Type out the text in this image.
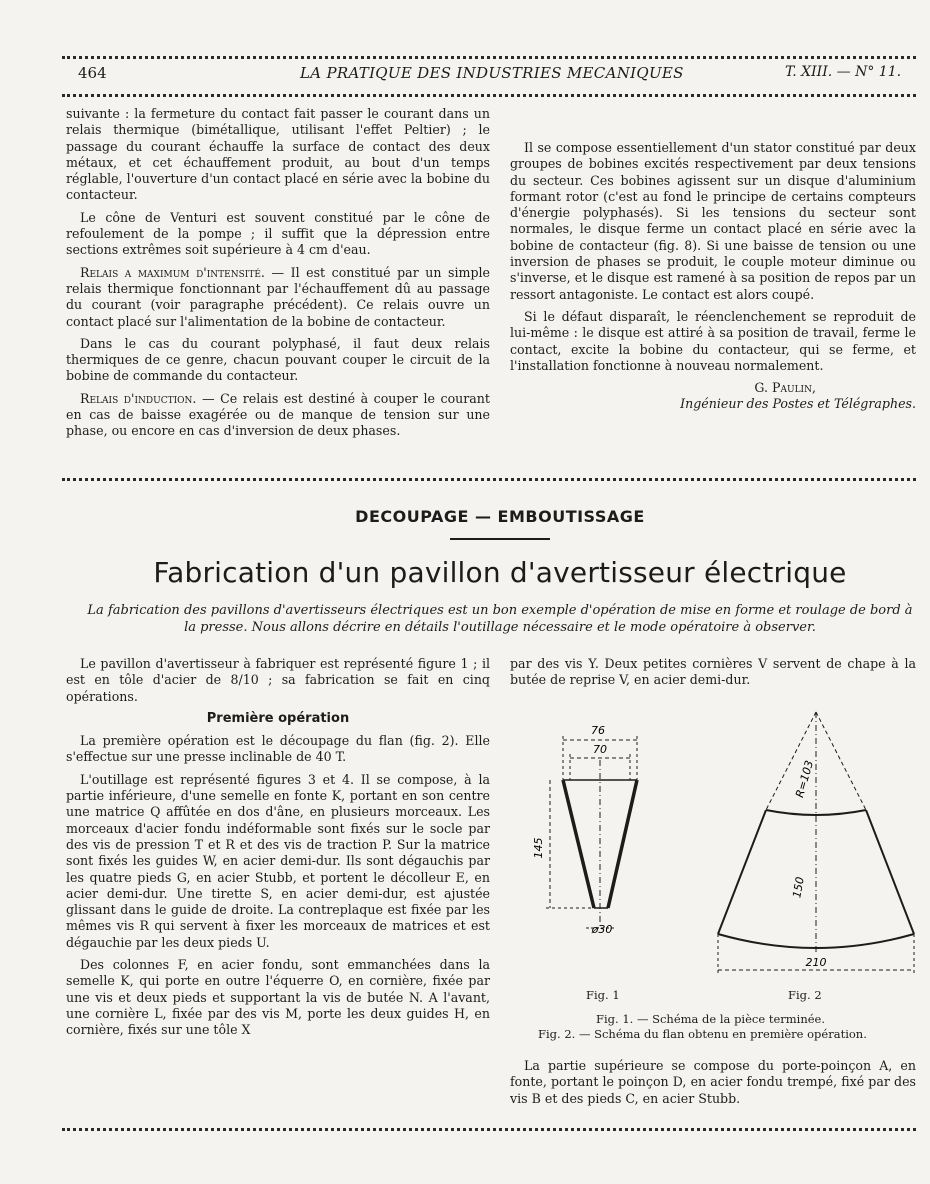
464	LA PRATIQUE DES INDUSTRIES MECANIQUES	T. XIII. — N° 11.

suivante : la fermeture du contact fait passer le courant dans un relais thermique (bimétallique, utilisant l'effet Peltier) ; le passage du courant échauffe la surface de contact des deux métaux, et cet échauffement produit, au bout d'un temps réglable, l'ouverture d'un contact placé en série avec la bobine du contacteur.

Le cône de Venturi est souvent constitué par le cône de refoulement de la pompe ; il suffit que la dépression entre sections extrêmes soit supérieure à 4 cm d'eau.

Relais a maximum d'intensité. — Il est constitué par un simple relais thermique fonctionnant par l'échauffement dû au passage du courant (voir paragraphe précédent). Ce relais ouvre un contact placé sur l'alimentation de la bobine de contacteur.

Dans le cas du courant polyphasé, il faut deux relais thermiques de ce genre, chacun pouvant couper le circuit de la bobine de commande du contacteur.

Relais d'induction. — Ce relais est destiné à couper le courant en cas de baisse exagérée ou de manque de tension sur une phase, ou encore en cas d'inversion de deux phases.

Il se compose essentiellement d'un stator constitué par deux groupes de bobines excités respectivement par deux tensions du secteur. Ces bobines agissent sur un disque d'aluminium formant rotor (c'est au fond le principe de certains compteurs d'énergie polyphasés). Si les tensions du secteur sont normales, le disque ferme un contact placé en série avec la bobine de contacteur (fig. 8). Si une baisse de tension ou une inversion de phases se produit, le couple moteur diminue ou s'inverse, et le disque est ramené à sa position de repos par un ressort antagoniste. Le contact est alors coupé.

Si le défaut disparaît, le réenclenchement se reproduit de lui-même : le disque est attiré à sa position de travail, ferme le contact, excite la bobine du contacteur, qui se ferme, et l'installation fonctionne à nouveau normalement.

G. Paulin,
Ingénieur des Postes et Télégraphes.
DECOUPAGE — EMBOUTISSAGE
Fabrication d'un pavillon d'avertisseur électrique
La fabrication des pavillons d'avertisseurs électriques est un bon exemple d'opération de mise en forme et roulage de bord à la presse. Nous allons décrire en détails l'outillage nécessaire et le mode opératoire à observer.

Le pavillon d'avertisseur à fabriquer est représenté figure 1 ; il est en tôle d'acier de 8/10 ; sa fabrication se fait en cinq opérations.

Première opération

La première opération est le découpage du flan (fig. 2). Elle s'effectue sur une presse inclinable de 40 T.

L'outillage est représenté figures 3 et 4. Il se compose, à la partie inférieure, d'une semelle en fonte K, portant en son centre une matrice Q affûtée en dos d'âne, en plusieurs morceaux. Les morceaux d'acier fondu indéformable sont fixés sur le socle par des vis de pression T et R et des vis de traction P. Sur la matrice sont fixés les guides W, en acier demi-dur. Ils sont dégauchis par les quatre pieds G, en acier Stubb, et portent le décolleur E, en acier demi-dur. Une tirette S, en acier demi-dur, est ajustée glissant dans le guide de droite. La contreplaque est fixée par les mêmes vis R qui servent à fixer les morceaux de matrices et est dégauchie par les deux pieds U.

Des colonnes F, en acier fondu, sont emmanchées dans la semelle K, qui porte en outre l'équerre O, en cornière, fixée par une vis et deux pieds et supportant la vis de butée N. A l'avant, une cornière L, fixée par des vis M, porte les deux guides H, en cornière, fixés sur une tôle X

par des vis Y. Deux petites cornières V servent de chape à la butée de reprise V, en acier demi-dur.

76
70
145
ø30
R=103
150
210
Fig. 1	Fig. 2
Fig. 1. — Schéma de la pièce terminée.
Fig. 2. — Schéma du flan obtenu en première opération.

La partie supérieure se compose du porte-poinçon A, en fonte, portant le poinçon D, en acier fondu trempé, fixé par des vis B et des pieds C, en acier Stubb.
